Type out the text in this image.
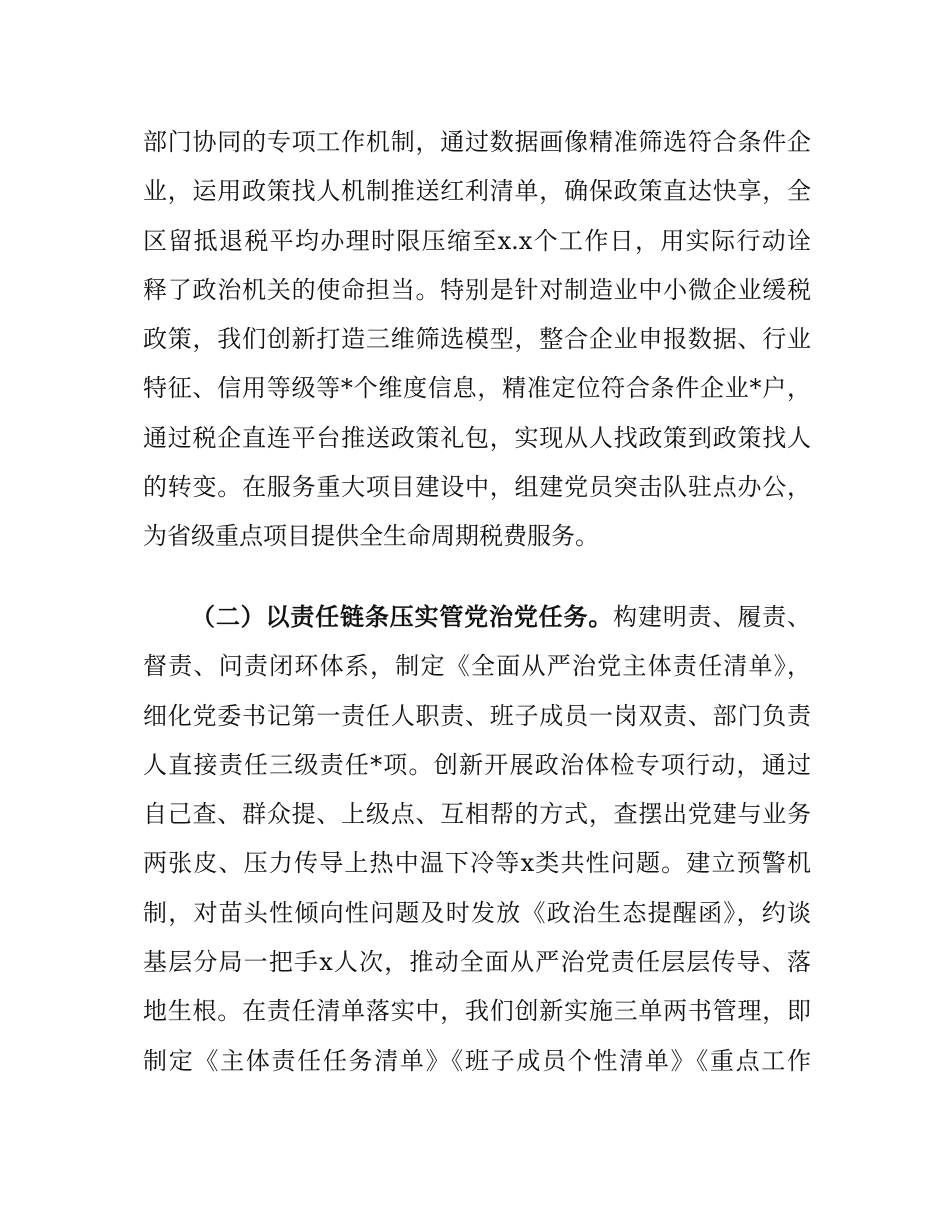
部门协同的专项工作机制，通过数据画像精准筛选符合条件企
业，运用政策找人机制推送红利清单，确保政策直达快享，全
区留抵退税平均办理时限压缩至x.x个工作日，用实际行动诠
释了政治机关的使命担当。特别是针对制造业中小微企业缓税
政策，我们创新打造三维筛选模型，整合企业申报数据、行业
特征、信用等级等*个维度信息，精准定位符合条件企业*户，
通过税企直连平台推送政策礼包，实现从人找政策到政策找人
的转变。在服务重大项目建设中，组建党员突击队驻点办公，
为省级重点项目提供全生命周期税费服务。
（二）以责任链条压实管党治党任务。构建明责、履责、
督责、问责闭环体系，制定《全面从严治党主体责任清单》，
细化党委书记第一责任人职责、班子成员一岗双责、部门负责
人直接责任三级责任*项。创新开展政治体检专项行动，通过
自己查、群众提、上级点、互相帮的方式，查摆出党建与业务
两张皮、压力传导上热中温下冷等x类共性问题。建立预警机
制，对苗头性倾向性问题及时发放《政治生态提醒函》，约谈
基层分局一把手x人次，推动全面从严治党责任层层传导、落
地生根。在责任清单落实中，我们创新实施三单两书管理，即
制定《主体责任任务清单》《班子成员个性清单》《重点工作
